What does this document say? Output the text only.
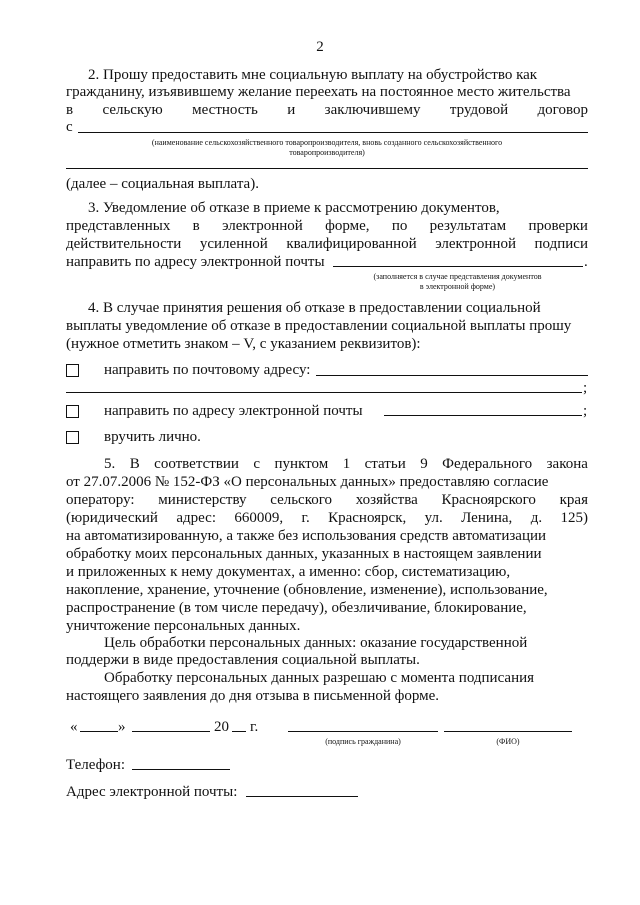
2
2. Прошу предоставить мне социальную выплату на обустройство как
гражданину, изъявившему желание переехать на постоянное место жительства
в сельскую местность и заключившему трудовой договор
с
(наименование сельскохозяйственного товаропроизводителя, вновь созданного сельскохозяйственного
товаропроизводителя)
(далее – социальная выплата).
3. Уведомление об отказе в приеме к рассмотрению документов,
представленных в электронной форме, по результатам проверки
действительности усиленной квалифицированной электронной подписи
направить по адресу электронной почты	.
(заполняется в случае представления документов
в электронной форме)
4. В случае принятия решения об отказе в предоставлении социальной
выплаты уведомление об отказе в предоставлении социальной выплаты прошу
(нужное отметить знаком – V, с указанием реквизитов):
направить по почтовому адресу:
;
направить по адресу электронной почты	;
вручить лично.
5. В соответствии с пунктом 1 статьи 9 Федерального закона
от 27.07.2006 № 152-ФЗ «О персональных данных» предоставляю согласие
оператору: министерству сельского хозяйства Красноярского края
(юридический адрес: 660009, г. Красноярск, ул. Ленина, д. 125)
на автоматизированную, а также без использования средств автоматизации
обработку моих персональных данных, указанных в настоящем заявлении
и приложенных к нему документах, а именно: сбор, систематизацию,
накопление, хранение, уточнение (обновление, изменение), использование,
распространение (в том числе передачу), обезличивание, блокирование,
уничтожение персональных данных.
Цель обработки персональных данных: оказание государственной
поддержи в виде предоставления социальной выплаты.
Обработку персональных данных разрешаю с момента подписания
настоящего заявления до дня отзыва в письменной форме.
«	»	20 г.
(подпись гражданина)	(ФИО)
Телефон:
Адрес электронной почты:
